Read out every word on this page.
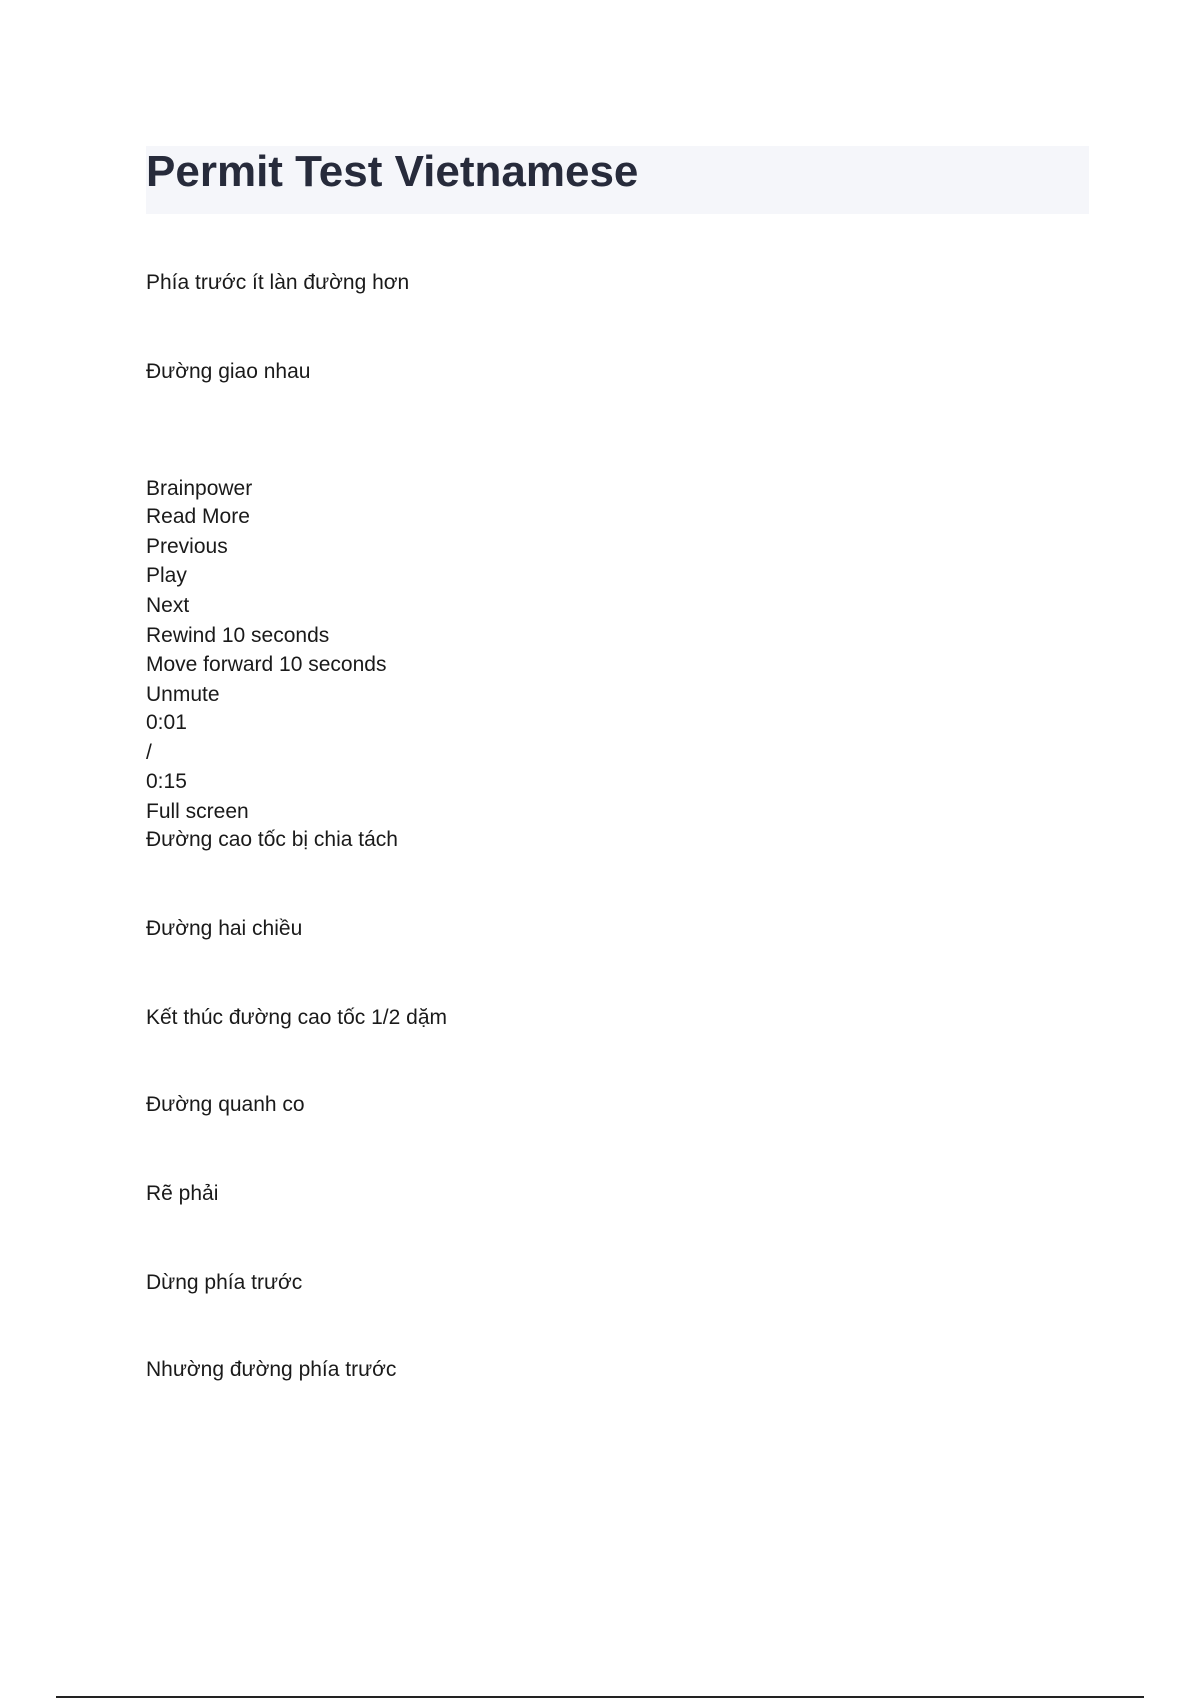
Permit Test Vietnamese

Phía trước ít làn đường hơn

Đường giao nhau

Brainpower

Read More

Previous

Play

Next

Rewind 10 seconds

Move forward 10 seconds

Unmute

0:01

/

0:15

Full screen

Đường cao tốc bị chia tách

Đường hai chiều

Kết thúc đường cao tốc 1/2 dặm

Đường quanh co

Rẽ phải

Dừng phía trước

Nhường đường phía trước
